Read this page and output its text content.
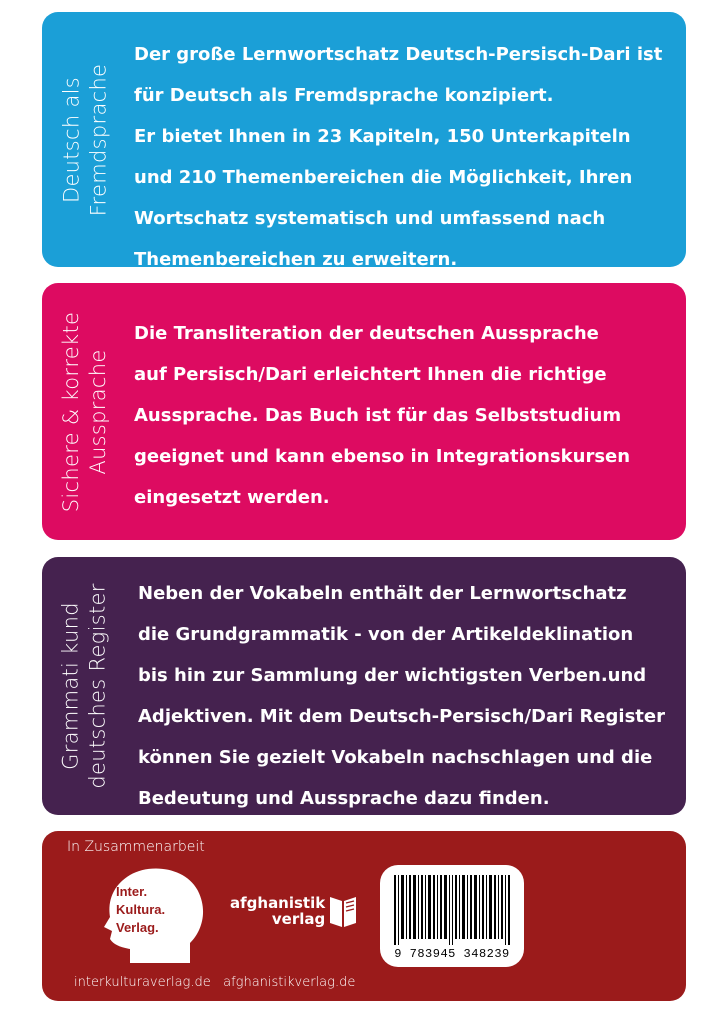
Deutsch als Fremdsprache
Der große Lernwortschatz Deutsch-Persisch-Dari ist
für Deutsch als Fremdsprache konzipiert.
Er bietet Ihnen in 23 Kapiteln, 150 Unterkapiteln
und 210 Themenbereichen die Möglichkeit, Ihren
Wortschatz systematisch und umfassend nach
Themenbereichen zu erweitern.
Sichere & korrekte Aussprache
Die Transliteration der deutschen Aussprache
auf Persisch/Dari erleichtert Ihnen die richtige
Aussprache. Das Buch ist für das Selbststudium
geeignet und kann ebenso in Integrationskursen
eingesetzt werden.
Grammati kund deutsches Register Neben der Vokabeln enthält der Lernwortschatz
die Grundgrammatik - von der Artikeldeklination
bis hin zur Sammlung der wichtigsten Verben.und
Adjektiven. Mit dem Deutsch-Persisch/Dari Register
können Sie gezielt Vokabeln nachschlagen und die
Bedeutung und Aussprache dazu finden.
In Zusammenarbeit
Inter.
Kultura.
Verlag.
afghanistik
verlag
9 783945 348239
interkulturaverlag.de   afghanistikverlag.de
